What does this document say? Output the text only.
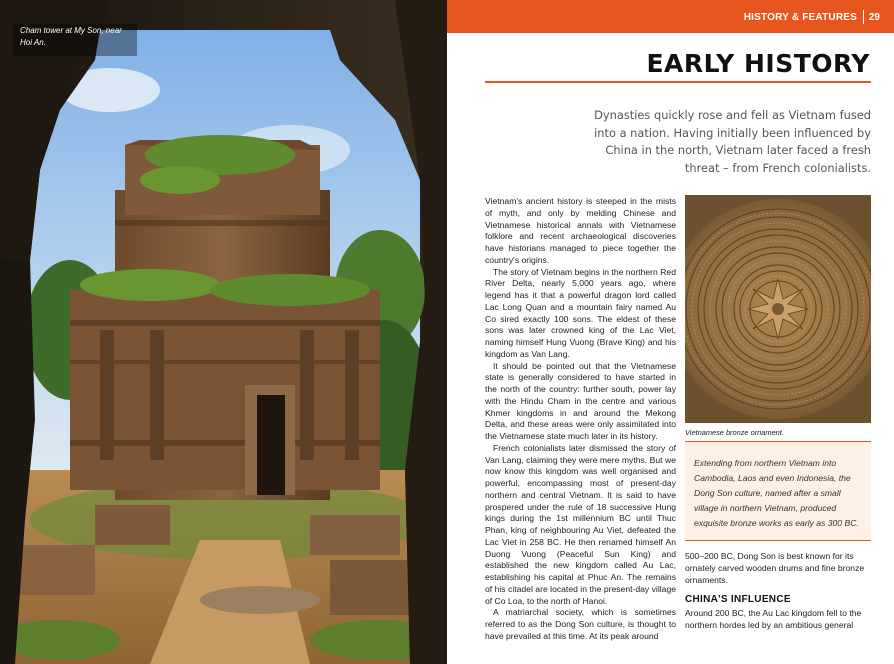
Cham tower at My Son, near Hoi An.
HISTORY & FEATURES 29
EARLY HISTORY
Dynasties quickly rose and fell as Vietnam fused into a nation. Having initially been influenced by China in the north, Vietnam later faced a fresh threat – from French colonialists.

Vietnam's ancient history is steeped in the mists of myth, and only by melding Chinese and Vietnamese historical annals with Vietnamese folklore and recent archaeological discoveries have historians managed to piece together the country's origins.

The story of Vietnam begins in the northern Red River Delta, nearly 5,000 years ago, where legend has it that a powerful dragon lord called Lac Long Quan and a mountain fairy named Au Co sired exactly 100 sons. The eldest of these sons was later crowned king of the Lac Viet, naming himself Hung Vuong (Brave King) and his kingdom as Van Lang.

It should be pointed out that the Vietnamese state is generally considered to have started in the north of the country: further south, power lay with the Hindu Cham in the centre and various Khmer kingdoms in and around the Mekong Delta, and these areas were only assimilated into the Vietnamese state much later in its history.

French colonialists later dismissed the story of Van Lang, claiming they were mere myths. But we now know this kingdom was well organised and powerful, encompassing most of present-day northern and central Vietnam. It is said to have prospered under the rule of 18 successive Hung kings during the 1st millennium BC until Thuc Phan, king of neighbouring Au Viet, defeated the Lac Viet in 258 BC. He then renamed himself An Duong Vuong (Peaceful Sun King) and established the new kingdom called Au Lac, establishing his capital at Phuc An. The remains of his citadel are located in the present-day village of Co Loa, to the north of Hanoi.

A matriarchal society, which is sometimes referred to as the Dong Son culture, is thought to have prevailed at this time. At its peak around

Vietnamese bronze ornament.
Extending from northern Vietnam into Cambodia, Laos and even Indonesia, the Dong Son culture, named after a small village in northern Vietnam, produced exquisite bronze works as early as 300 BC.
500–200 BC, Dong Son is best known for its ornately carved wooden drums and fine bronze ornaments.
CHINA'S INFLUENCE
Around 200 BC, the Au Lac kingdom fell to the northern hordes led by an ambitious general
